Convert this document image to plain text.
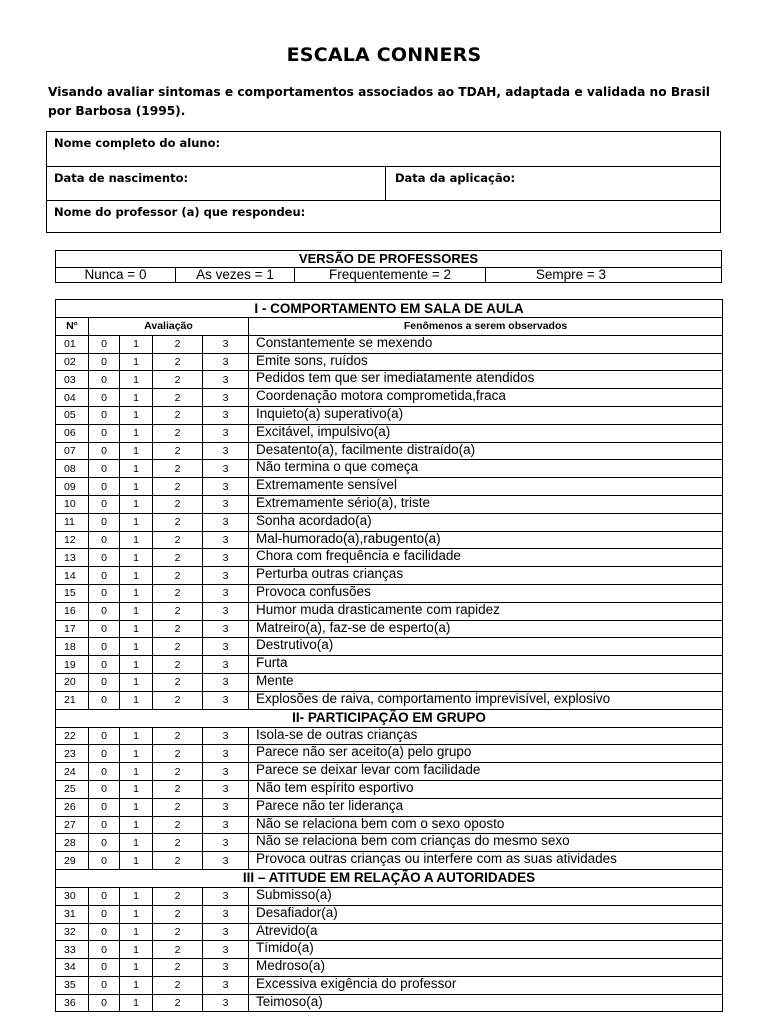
ESCALA CONNERS
Visando avaliar sintomas e comportamentos associados ao TDAH, adaptada e validada no Brasil por Barbosa (1995).
Nome completo do aluno:
Data de nascimento:	Data da aplicação:
Nome do professor (a) que respondeu:
VERSÃO DE PROFESSORES
Nunca = 0	As vezes = 1	Frequentemente = 2	Sempre = 3
I - COMPORTAMENTO EM SALA DE AULA					
N°	Avaliação				Fenômenos a serem observados
01	0	1	2	3	Constantemente se mexendo
02	0	1	2	3	Emite sons, ruídos
03	0	1	2	3	Pedidos tem que ser imediatamente atendidos
04	0	1	2	3	Coordenação motora comprometida,fraca
05	0	1	2	3	Inquieto(a) superativo(a)
06	0	1	2	3	Excitável, impulsivo(a)
07	0	1	2	3	Desatento(a), facilmente distraído(a)
08	0	1	2	3	Não termina o que começa
09	0	1	2	3	Extremamente sensível
10	0	1	2	3	Extremamente sério(a), triste
11	0	1	2	3	Sonha acordado(a)
12	0	1	2	3	Mal-humorado(a),rabugento(a)
13	0	1	2	3	Chora com frequência e facilidade
14	0	1	2	3	Perturba outras crianças
15	0	1	2	3	Provoca confusões
16	0	1	2	3	Humor muda drasticamente com rapidez
17	0	1	2	3	Matreiro(a), faz-se de esperto(a)
18	0	1	2	3	Destrutivo(a)
19	0	1	2	3	Furta
20	0	1	2	3	Mente
21	0	1	2	3	Explosões de raiva, comportamento imprevisível, explosivo
II- PARTICIPAÇÃO EM GRUPO					
22	0	1	2	3	Isola-se de outras crianças
23	0	1	2	3	Parece não ser aceito(a) pelo grupo
24	0	1	2	3	Parece se deixar levar com facilidade
25	0	1	2	3	Não tem espírito esportivo
26	0	1	2	3	Parece não ter liderança
27	0	1	2	3	Não se relaciona bem com o sexo oposto
28	0	1	2	3	Não se relaciona bem com crianças do mesmo sexo
29	0	1	2	3	Provoca outras crianças ou interfere com as suas atividades
III – ATITUDE EM RELAÇÃO A AUTORIDADES					
30	0	1	2	3	Submisso(a)
31	0	1	2	3	Desafiador(a)
32	0	1	2	3	Atrevido(a
33	0	1	2	3	Tímido(a)
34	0	1	2	3	Medroso(a)
35	0	1	2	3	Excessiva exigência do professor
36	0	1	2	3	Teimoso(a)
